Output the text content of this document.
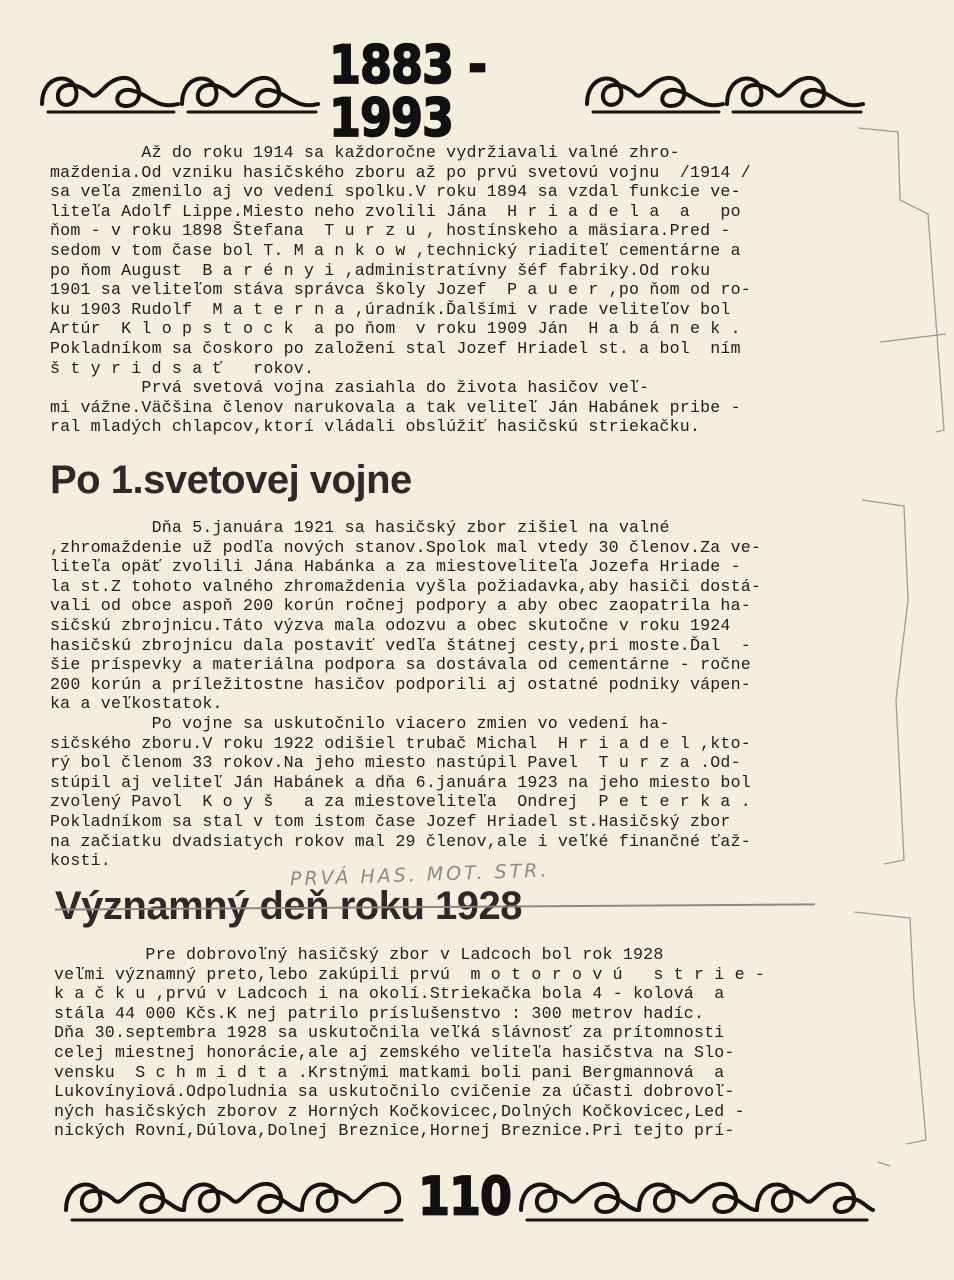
1883 - 1993
Až do roku 1914 sa každoročne vydržiavali valné zhro-
maždenia.Od vzniku hasičského zboru až po prvú svetovú vojnu  /1914 /
sa veľa zmenilo aj vo vedení spolku.V roku 1894 sa vzdal funkcie ve-
liteľa Adolf Lippe.Miesto neho zvolili Jána  H r i a d e l a  a   po
ňom - v roku 1898 Štefana  T u r z u , hostínskeho a mäsiara.Pred -
sedom v tom čase bol T. M a n k o w ,technický riaditeľ cementárne a
po ňom August  B a r é n y i ,administratívny šéf fabriky.Od roku
1901 sa veliteľom stáva správca školy Jozef  P a u e r ,po ňom od ro-
ku 1903 Rudolf  M a t e r n a ,úradník.Ďalšími v rade veliteľov bol
Artúr  K l o p s t o c k  a po ňom  v roku 1909 Ján  H a b á n e k .
Pokladníkom sa čoskoro po založení stal Jozef Hriadel st. a bol  ním
š t y r i d s a ť   rokov.
Prvá svetová vojna zasiahla do života hasičov veľ-
mi vážne.Väčšina členov narukovala a tak veliteľ Ján Habánek pribe -
ral mladých chlapcov,ktorí vládali obslúžiť hasičskú striekačku.
Po 1.svetovej vojne
Dňa 5.januára 1921 sa hasičský zbor zišiel na valné
,zhromaždenie už podľa nových stanov.Spolok mal vtedy 30 členov.Za ve-
liteľa opäť zvolili Jána Habánka a za miestoveliteľa Jozefa Hriade -
la st.Z tohoto valného zhromaždenia vyšla požiadavka,aby hasiči dostá-
vali od obce aspoň 200 korún ročnej podpory a aby obec zaopatrila ha-
sičskú zbrojnicu.Táto výzva mala odozvu a obec skutočne v roku 1924
hasičskú zbrojnicu dala postaviť vedľa štátnej cesty,pri moste.Ďal  -
šie príspevky a materiálna podpora sa dostávala od cementárne - ročne
200 korún a príležitostne hasičov podporili aj ostatné podniky vápen-
ka a veľkostatok.
Po vojne sa uskutočnilo viacero zmien vo vedení ha-
sičského zboru.V roku 1922 odišiel trubač Michal  H r i a d e l ,kto-
rý bol členom 33 rokov.Na jeho miesto nastúpil Pavel  T u r z a .Od-
stúpil aj veliteľ Ján Habánek a dňa 6.januára 1923 na jeho miesto bol
zvolený Pavol  K o y š   a za miestoveliteľa  Ondrej  P e t e r k a .
Pokladníkom sa stal v tom istom čase Jozef Hriadel st.Hasičský zbor
na začiatku dvadsiatych rokov mal 29 členov,ale i veľké finančné ťaž-
kosti.	PRVÁ HAS. MOT. STR.
Významný deň roku 1928
Pre dobrovoľný hasičský zbor v Ladcoch bol rok 1928
veľmi významný preto,lebo zakúpili prvú  m o t o r o v ú   s t r i e -
k a č k u ,prvú v Ladcoch i na okolí.Striekačka bola 4 - kolová  a
stála 44 000 Kčs.K nej patrilo príslušenstvo : 300 metrov hadíc.
Dňa 30.septembra 1928 sa uskutočnila veľká slávnosť za prítomnosti
celej miestnej honorácie,ale aj zemského veliteľa hasičstva na Slo-
vensku  S c h m i d t a .Krstnými matkami boli pani Bergmannová  a
Lukovínyiová.Odpoludnia sa uskutočnilo cvičenie za účasti dobrovoľ-
ných hasičských zborov z Horných Kočkovicec,Dolných Kočkovicec,Led -
nických Rovní,Dúlova,Dolnej Breznice,Hornej Breznice.Pri tejto prí-
110
